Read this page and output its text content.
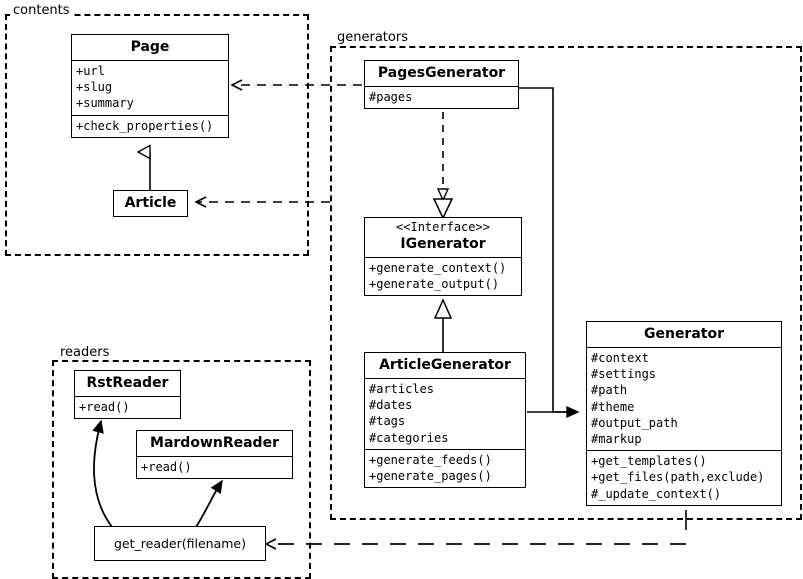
contents
generators
readers
Page
+url
+slug
+summary
+check_properties()
Article
PagesGenerator
#pages
<<Interface>>
IGenerator
+generate_context()
+generate_output()
ArticleGenerator
#articles
#dates
#tags
#categories
+generate_feeds()
+generate_pages()
Generator
#context
#settings
#path
#theme
#output_path
#markup
+get_templates()
+get_files(path,exclude)
#_update_context()
RstReader
+read()
MardownReader
+read()
get_reader(filename)
